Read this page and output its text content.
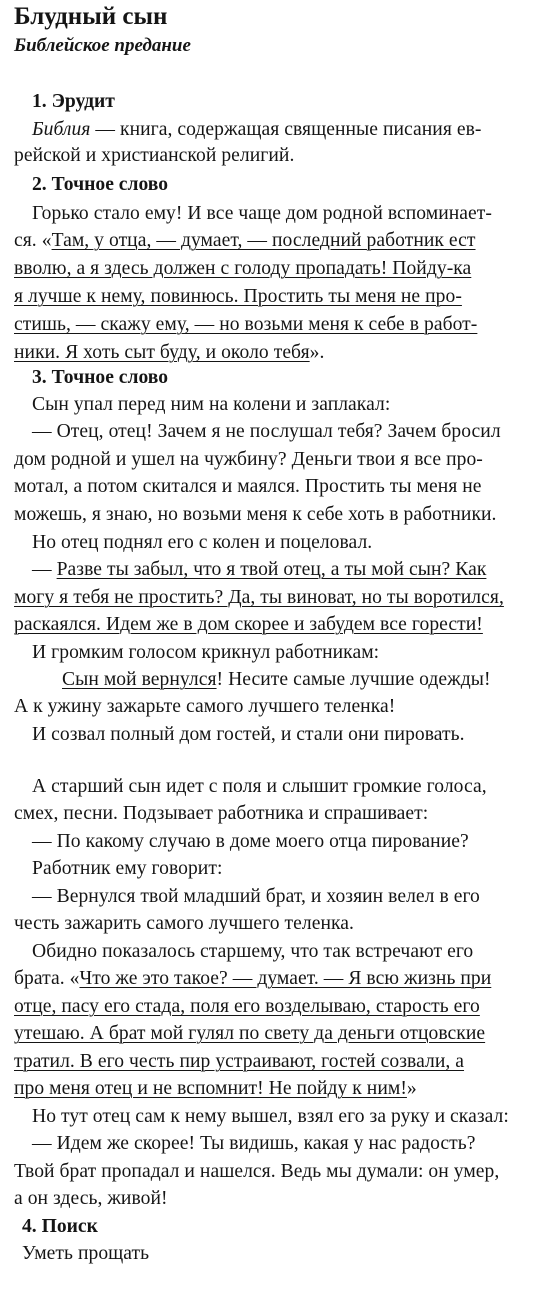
Блудный сын
Библейское предание
1. Эрудит
Библия — книга, содержащая священные писания ев-
рейской и христианской религий.
2. Точное слово
Горько стало ему! И все чаще дом родной вспоминает-
ся. «Там, у отца, — думает, — последний работник ест
вволю, а я здесь должен с голоду пропадать! Пойду-ка
я лучше к нему, повинюсь. Простить ты меня не про-
стишь, — скажу ему, — но возьми меня к себе в работ-
ники. Я хоть сыт буду, и около тебя».
3. Точное слово
Сын упал перед ним на колени и заплакал:
— Отец, отец! Зачем я не послушал тебя? Зачем бросил
дом родной и ушел на чужбину? Деньги твои я все про-
мотал, а потом скитался и маялся. Простить ты меня не
можешь, я знаю, но возьми меня к себе хоть в работники.
Но отец поднял его с колен и поцеловал.
— Разве ты забыл, что я твой отец, а ты мой сын? Как
могу я тебя не простить? Да, ты виноват, но ты воротился,
раскаялся. Идем же в дом скорее и забудем все горести!
И громким голосом крикнул работникам:
Сын мой вернулся! Несите самые лучшие одежды!
А к ужину зажарьте самого лучшего теленка!
И созвал полный дом гостей, и стали они пировать.
А старший сын идет с поля и слышит громкие голоса,
смех, песни. Подзывает работника и спрашивает:
— По какому случаю в доме моего отца пирование?
Работник ему говорит:
— Вернулся твой младший брат, и хозяин велел в его
честь зажарить самого лучшего теленка.
Обидно показалось старшему, что так встречают его
брата. «Что же это такое? — думает. — Я всю жизнь при
отце, пасу его стада, поля его возделываю, старость его
утешаю. А брат мой гулял по свету да деньги отцовские
тратил. В его честь пир устраивают, гостей созвали, а
про меня отец и не вспомнит! Не пойду к ним!»
Но тут отец сам к нему вышел, взял его за руку и сказал:
— Идем же скорее! Ты видишь, какая у нас радость?
Твой брат пропадал и нашелся. Ведь мы думали: он умер,
а он здесь, живой!
4. Поиск
Уметь прощать
